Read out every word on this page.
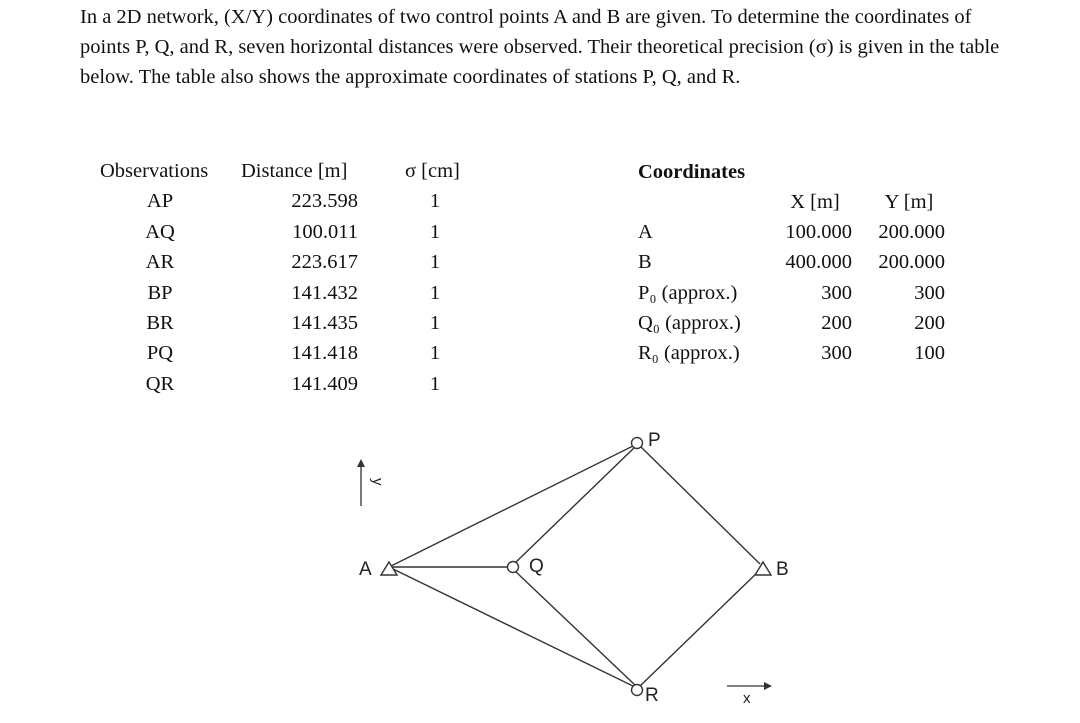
In a 2D network, (X/Y) coordinates of two control points A and B are given. To determine the coordinates of points P, Q, and R, seven horizontal distances were observed. Their theoretical precision (σ) is given in the table below. The table also shows the approximate coordinates of stations P, Q, and R.
Observations Distance [m]	σ [cm]
AP	223.598	1
AQ	100.011	1
AR	223.617	1
BP	141.432	1
BR	141.435	1
PQ	141.418	1
QR	141.409	1
Coordinates
X [m] Y [m]
A	100.000 200.000
B	400.000 200.000
P₀ (approx.)	300	300
Q₀ (approx.)	200	200
R₀ (approx.)	300	100
A	B
P
Q
R
y
x
